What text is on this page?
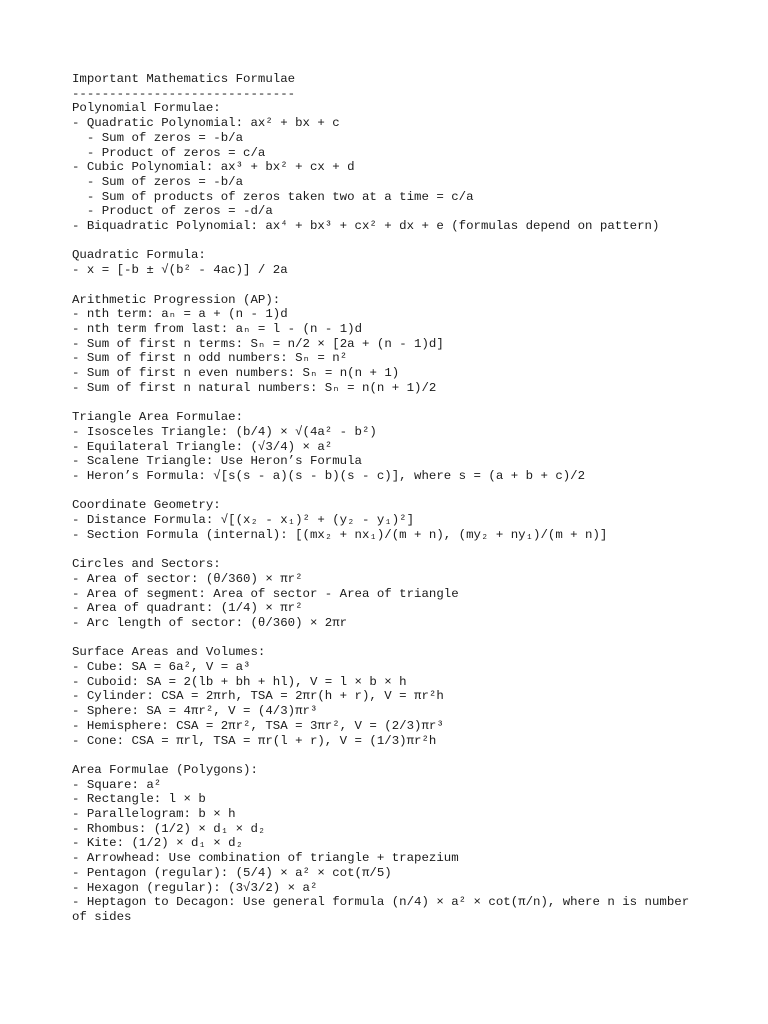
Important Mathematics Formulae
------------------------------
Polynomial Formulae:
- Quadratic Polynomial: ax² + bx + c
- Sum of zeros = -b/a
- Product of zeros = c/a
- Cubic Polynomial: ax³ + bx² + cx + d
- Sum of zeros = -b/a
- Sum of products of zeros taken two at a time = c/a
- Product of zeros = -d/a
- Biquadratic Polynomial: ax⁴ + bx³ + cx² + dx + e (formulas depend on pattern)
Quadratic Formula:
- x = [-b ± √(b² - 4ac)] / 2a
Arithmetic Progression (AP):
- nth term: aₙ = a + (n - 1)d
- nth term from last: aₙ = l - (n - 1)d
- Sum of first n terms: Sₙ = n/2 × [2a + (n - 1)d]
- Sum of first n odd numbers: Sₙ = n²
- Sum of first n even numbers: Sₙ = n(n + 1)
- Sum of first n natural numbers: Sₙ = n(n + 1)/2
Triangle Area Formulae:
- Isosceles Triangle: (b/4) × √(4a² - b²)
- Equilateral Triangle: (√3/4) × a²
- Scalene Triangle: Use Heron’s Formula
- Heron’s Formula: √[s(s - a)(s - b)(s - c)], where s = (a + b + c)/2
Coordinate Geometry:
- Distance Formula: √[(x₂ - x₁)² + (y₂ - y₁)²]
- Section Formula (internal): [(mx₂ + nx₁)/(m + n), (my₂ + ny₁)/(m + n)]
Circles and Sectors:
- Area of sector: (θ/360) × πr²
- Area of segment: Area of sector - Area of triangle
- Area of quadrant: (1/4) × πr²
- Arc length of sector: (θ/360) × 2πr
Surface Areas and Volumes:
- Cube: SA = 6a², V = a³
- Cuboid: SA = 2(lb + bh + hl), V = l × b × h
- Cylinder: CSA = 2πrh, TSA = 2πr(h + r), V = πr²h
- Sphere: SA = 4πr², V = (4/3)πr³
- Hemisphere: CSA = 2πr², TSA = 3πr², V = (2/3)πr³
- Cone: CSA = πrl, TSA = πr(l + r), V = (1/3)πr²h
Area Formulae (Polygons):
- Square: a²
- Rectangle: l × b
- Parallelogram: b × h
- Rhombus: (1/2) × d₁ × d₂
- Kite: (1/2) × d₁ × d₂
- Arrowhead: Use combination of triangle + trapezium
- Pentagon (regular): (5/4) × a² × cot(π/5)
- Hexagon (regular): (3√3/2) × a²
- Heptagon to Decagon: Use general formula (n/4) × a² × cot(π/n), where n is number
of sides
